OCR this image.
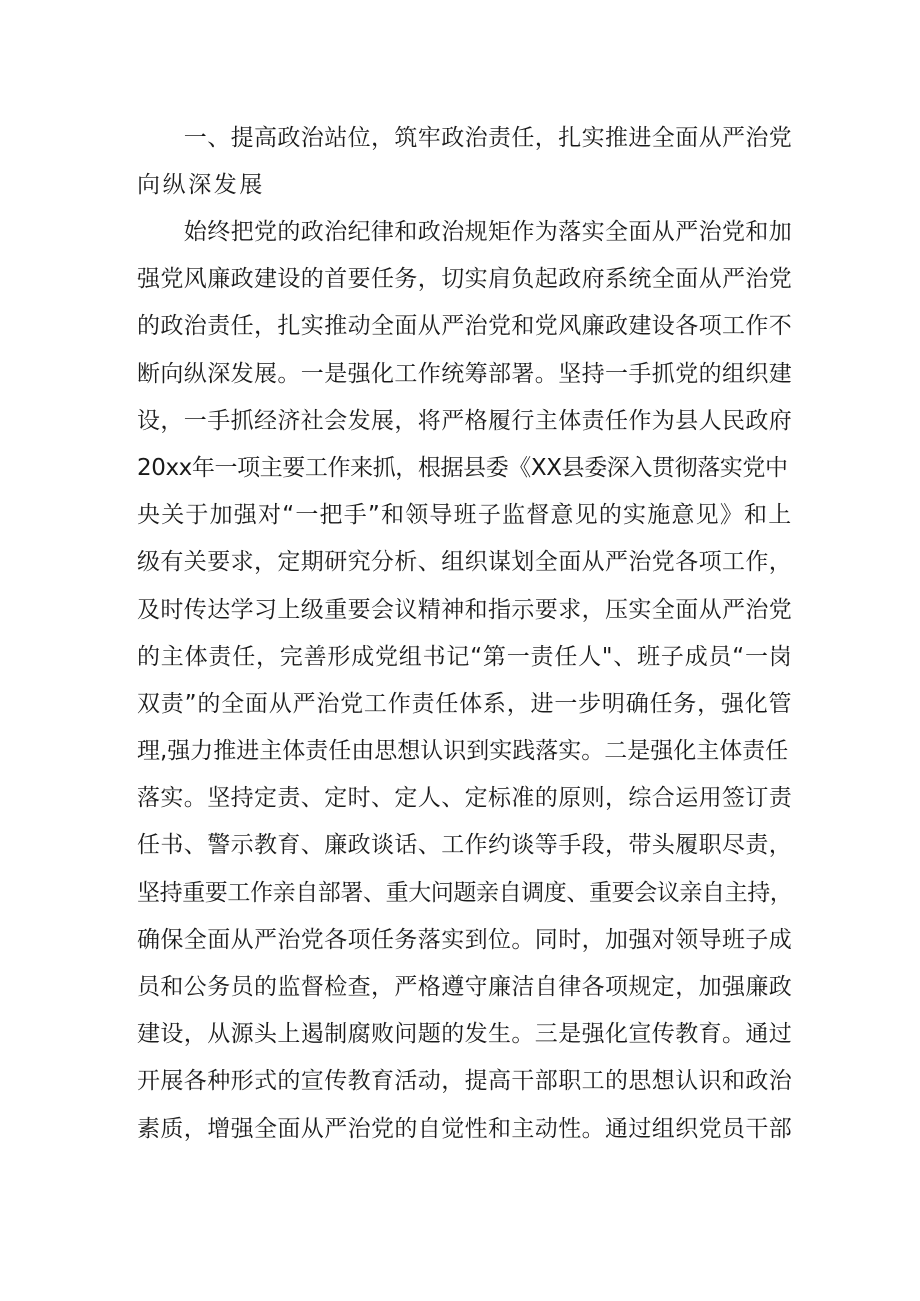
　　一、提高政治站位，筑牢政治责任，扎实推进全面从严治党
向纵深发展
　　始终把党的政治纪律和政治规矩作为落实全面从严治党和加
强党风廉政建设的首要任务，切实肩负起政府系统全面从严治党
的政治责任，扎实推动全面从严治党和党风廉政建设各项工作不
断向纵深发展。一是强化工作统筹部署。坚持一手抓党的组织建
设，一手抓经济社会发展，将严格履行主体责任作为县人民政府
20xx年一项主要工作来抓，根据县委《XX县委深入贯彻落实党中
央关于加强对“一把手”和领导班子监督意见的实施意见》和上
级有关要求，定期研究分析、组织谋划全面从严治党各项工作，
及时传达学习上级重要会议精神和指示要求，压实全面从严治党
的主体责任，完善形成党组书记“第一责任人"、班子成员“一岗
双责”的全面从严治党工作责任体系，进一步明确任务，强化管
理,强力推进主体责任由思想认识到实践落实。二是强化主体责任
落实。坚持定责、定时、定人、定标准的原则，综合运用签订责
任书、警示教育、廉政谈话、工作约谈等手段，带头履职尽责，
坚持重要工作亲自部署、重大问题亲自调度、重要会议亲自主持，
确保全面从严治党各项任务落实到位。同时，加强对领导班子成
员和公务员的监督检查，严格遵守廉洁自律各项规定，加强廉政
建设，从源头上遏制腐败问题的发生。三是强化宣传教育。通过
开展各种形式的宣传教育活动，提高干部职工的思想认识和政治
素质，增强全面从严治党的自觉性和主动性。通过组织党员干部
